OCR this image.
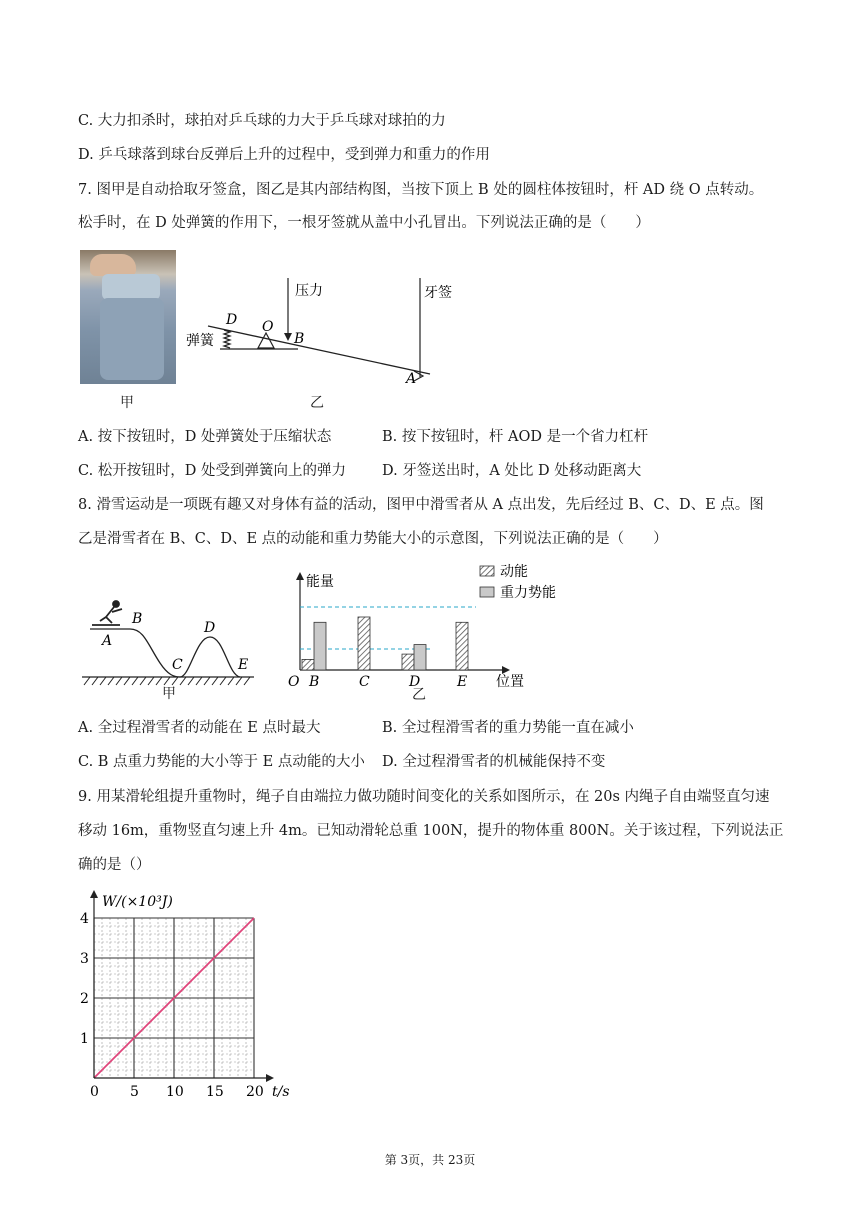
C. 大力扣杀时，球拍对乒乓球的力大于乒乓球对球拍的力
D. 乒乓球落到球台反弹后上升的过程中，受到弹力和重力的作用
7. 图甲是自动拾取牙签盒，图乙是其内部结构图，当按下顶上 B 处的圆柱体按钮时，杆 AD 绕 O 点转动。
松手时，在 D 处弹簧的作用下，一根牙签就从盖中小孔冒出。下列说法正确的是（　　）
甲
压力	牙签
弹簧
D O
B
A
乙
A. 按下按钮时，D 处弹簧处于压缩状态	B. 按下按钮时，杆 AOD 是一个省力杠杆
C. 松开按钮时，D 处受到弹簧向上的弹力 D. 牙签送出时，A 处比 D 处移动距离大
8. 滑雪运动是一项既有趣又对身体有益的活动，图甲中滑雪者从 A 点出发，先后经过 B、C、D、E 点。图
乙是滑雪者在 B、C、D、E 点的动能和重力势能大小的示意图，下列说法正确的是（　　）
A
B
C
D
E
甲
能量
位置
O B	C	D	E
动能
重力势能
乙
A. 全过程滑雪者的动能在 E 点时最大	B. 全过程滑雪者的重力势能一直在减小
C. B 点重力势能的大小等于 E 点动能的大小 D. 全过程滑雪者的机械能保持不变
9. 用某滑轮组提升重物时，绳子自由端拉力做功随时间变化的关系如图所示，在 20s 内绳子自由端竖直匀速
移动 16m，重物竖直匀速上升 4m。已知动滑轮总重 100N，提升的物体重 800N。关于该过程，下列说法正
确的是（）
0 5 10 15 20
1
2
3
4
W/(×10³J)
t/s
第 3页，共 23页
